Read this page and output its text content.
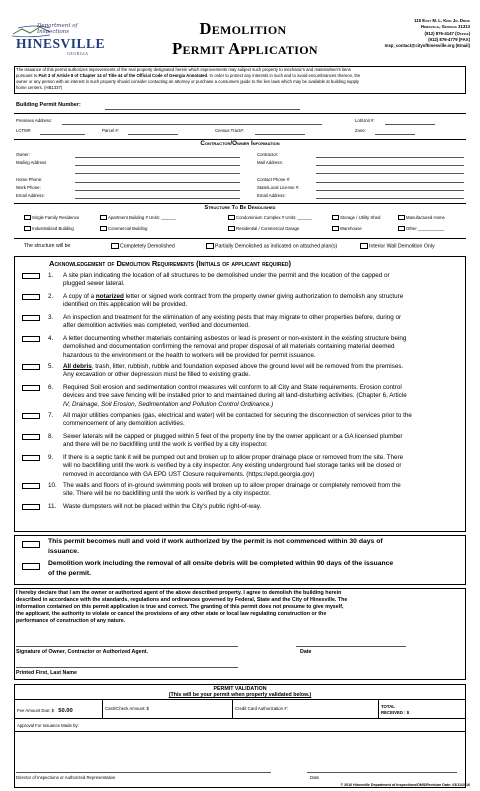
Department of Inspections
HINESVILLE
GEORGIA
Demolition
Permit Application
115 East M. L. King Jr. Drive
Hinesville, Georgia 31313
(912) 876-4147 (Office)
(912) 876-4779 (FAX)
Insp_contact@cityofhinesville.org (Email)
The issuance of this permit authorizes improvements of the real property designated herein which improvements may subject such property to mechanic's and materialmen's liens
pursuant to Part 3 of Article 8 of Chapter 14 of Title 44 of the Official Code of Georgia Annotated. In order to protect any interests in such and to avoid encumbrances thereon, the
owner or any person with an interest in such property should consider contacting an attorney or purchase a consumers guide to the lien laws which may be available at building supply
home centers. (HB1337)
Building Permit Number:
Premises Address:	Lot/Unit #:
LCTM#:	Parcel #:	Census Tract#:	Zone:
Contractor/Owner Information
Owner:
Mailing Address
Home Phone:
Work Phone:
Email Address:
Contractor:
Mail Address:
Contact Phone #:
State/Local License #:
Email Address:
Structure To Be Demolished
Single Family Residence	Apartment Building # Units: ______	Condominium Complex # Units: ______	Storage / Utility Shed	Manufactured Home
Industrialized Building	Commercial Building	Residential / Commercial Garage	Warehouse	Other ___________
The structure will be	Completely Demolished	Partially Demolished as indicated on attached plan(s)	Interior Wall Demolition Only
Acknowledgement of Demolition Requirements (Initials of applicant required)
1. A site plan indicating the location of all structures to be demolished under the permit and the location of the capped or
plugged sewer lateral.
2. A copy of a notarized letter or signed work contract from the property owner giving authorization to demolish any structure
identified on this application will be provided.
3. An inspection and treatment for the elimination of any existing pests that may migrate to other properties before, during or
after demolition activities was completed, verified and documented.
4. A letter documenting whether materials containing asbestos or lead is present or non-existent in the existing structure being
demolished and documentation confirming the removal and proper disposal of all materials containing material deemed
hazardous to the environment or the health to workers will be provided for permit issuance.
5. All debris, trash, litter, rubbish, rubble and foundation exposed above the ground level will be removed from the premises.
Any excavation or other depression must be filled to existing grade.
6. Required Soil erosion and sedimentation control measures will conform to all City and State requirements. Erosion control
devices and tree save fencing will be installed prior to and maintained during all land-disturbing activities. (Chapter 6, Article
IV, Drainage, Soil Erosion, Sedimentation and Pollution Control Ordinance.)
7. All major utilities companies (gas, electrical and water) will be contacted for securing the disconnection of services prior to the
commencement of any demolition activities.
8. Sewer laterals will be capped or plugged within 5 feet of the property line by the owner applicant or a GA licensed plumber
and there will be no backfilling until the work is verified by a city inspector.
9. If there is a septic tank it will be pumped out and broken up to allow proper drainage place or removed from the site. There
will no backfilling until the work is verified by a city inspector. Any existing underground fuel storage tanks will be closed or
removed in accordance with GA EPD UST Closure requirements. (https://epd.georgia.gov)
10. The walls and floors of in-ground swimming pools will broken up to allow proper drainage or completely removed from the
site. There will be no backfilling until the work is verified by a city inspector.
11. Waste dumpsters will not be placed within the City's public right-of-way.
This permit becomes null and void if work authorized by the permit is not commenced within 30 days of
issuance.
Demolition work including the removal of all onsite debris will be completed within 90 days of the issuance
of the permit.
I hereby declare that I am the owner or authorized agent of the above described property. I agree to demolish the building herein
described in accordance with the standards, regulations and ordinances governed by Federal, State and the City of Hinesville. The
information contained on this permit application is true and correct. The granting of this permit does not presume to give myself,
the applicant, the authority to violate or cancel the provisions of any other state or local law regulating construction or the
performance of construction of any nature.
Signature of Owner, Contractor or Authorized Agent.	Date
Printed First, Last Name
PERMIT VALIDATION
(This will be your permit when properly validated below.)
Fee Amount Due: $ 50.00	Cash/Check Amount: $	Credit Card Authorization #:	TOTAL
RECEIVED : $
Approval For Issuance Made by:
Director of Inspections or Authorized Representative	Date
© 2016 Hinesville Department of Inspections/DMS/Revision Date: 03/11/2016
